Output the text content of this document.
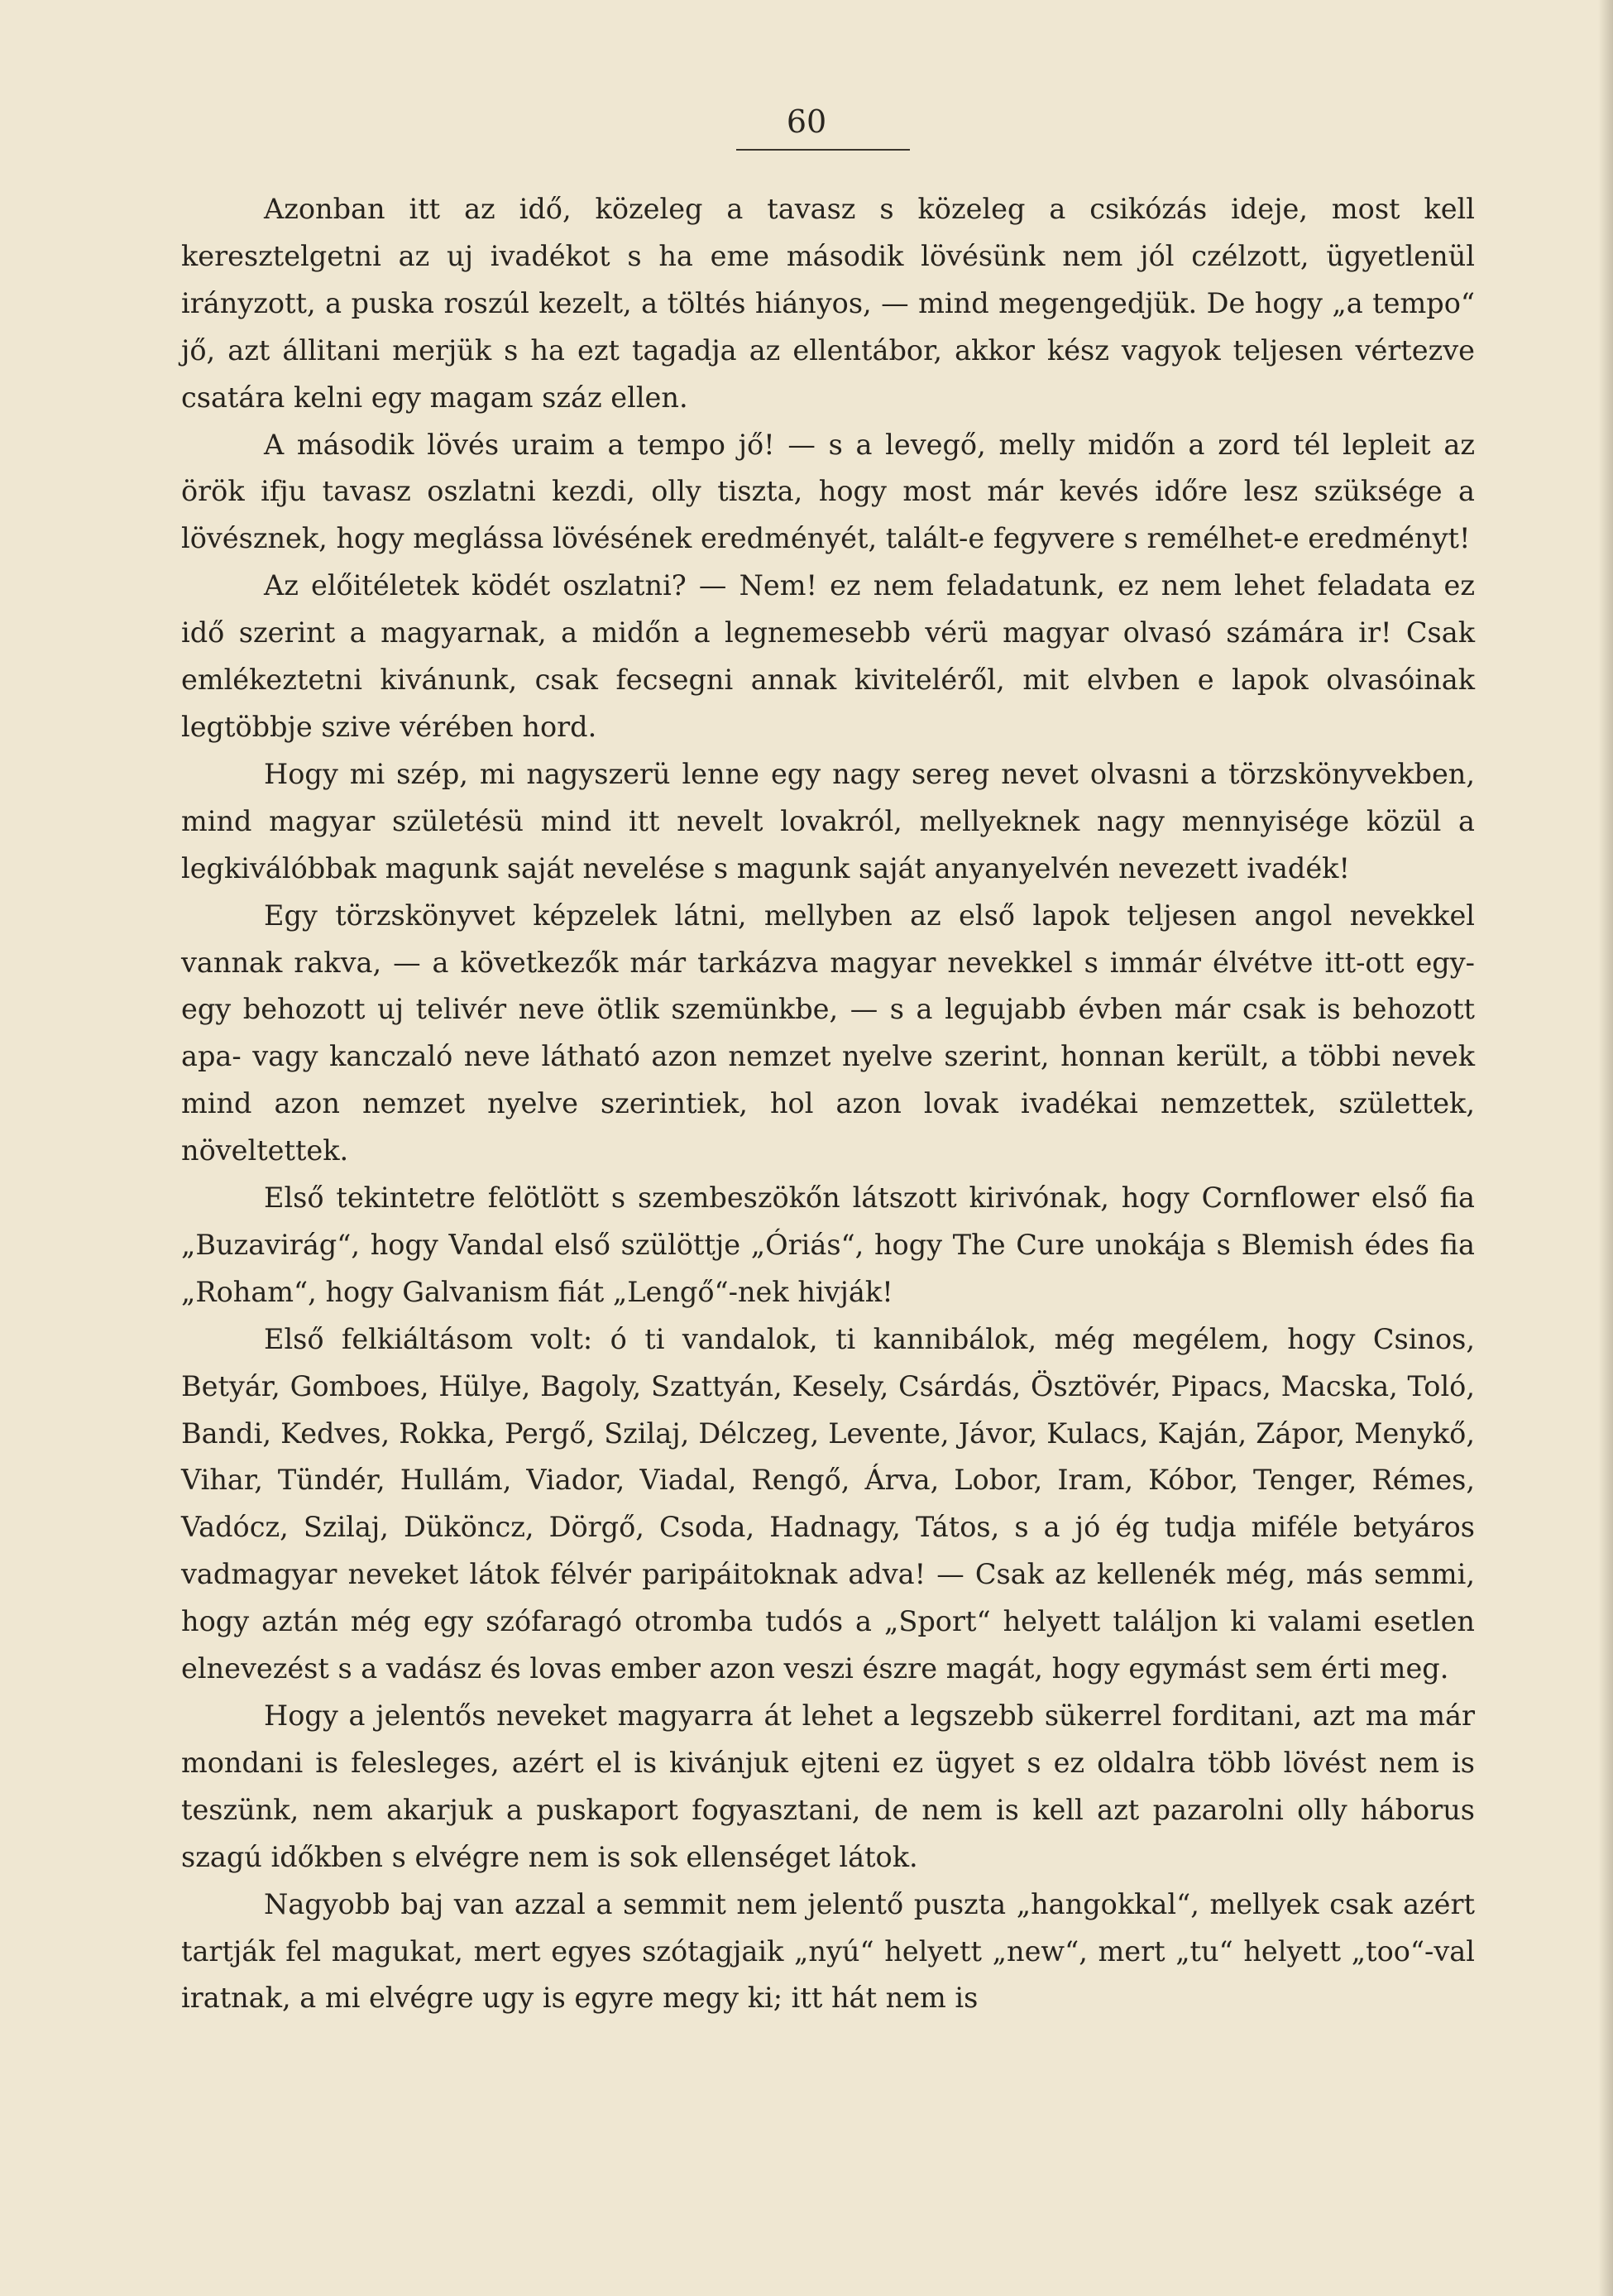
60

Azonban itt az idő, közeleg a tavasz s közeleg a csikózás ideje, most kell keresztelgetni az uj ivadékot s ha eme második lövésünk nem jól czélzott, ügyetlenül irányzott, a puska roszúl kezelt, a töltés hiányos, — mind megengedjük. De hogy „a tempo“ jő, azt állitani merjük s ha ezt tagadja az ellentábor, akkor kész vagyok teljesen vértezve csatára kelni egy magam száz ellen.

A második lövés uraim a tempo jő! — s a levegő, melly midőn a zord tél lepleit az örök ifju tavasz oszlatni kezdi, olly tiszta, hogy most már kevés időre lesz szüksége a lövésznek, hogy meglássa lövésének eredményét, talált-e fegyvere s remélhet-e eredményt!

Az előitéletek ködét oszlatni? — Nem! ez nem feladatunk, ez nem lehet feladata ez idő szerint a magyarnak, a midőn a legnemesebb vérü magyar olvasó számára ir! Csak emlékeztetni kivánunk, csak fecsegni annak kiviteléről, mit elvben e lapok olvasóinak legtöbbje szive vérében hord.

Hogy mi szép, mi nagyszerü lenne egy nagy sereg nevet olvasni a törzskönyvekben, mind magyar születésü mind itt nevelt lovakról, mellyeknek nagy mennyisége közül a legkiválóbbak magunk saját nevelése s magunk saját anyanyelvén nevezett ivadék!

Egy törzskönyvet képzelek látni, mellyben az első lapok teljesen angol nevekkel vannak rakva, — a következők már tarkázva magyar nevekkel s immár élvétve itt-ott egy-egy behozott uj telivér neve ötlik szemünkbe, — s a legujabb évben már csak is behozott apa- vagy kanczaló neve látható azon nemzet nyelve szerint, honnan került, a többi nevek mind azon nemzet nyelve szerintiek, hol azon lovak ivadékai nemzettek, születtek, növeltettek.

Első tekintetre felötlött s szembeszökőn látszott kirivónak, hogy Cornflower első fia „Buzavirág“, hogy Vandal első szülöttje „Óriás“, hogy The Cure unokája s Blemish édes fia „Roham“, hogy Galvanism fiát „Lengő“-nek hivják!

Első felkiáltásom volt: ó ti vandalok, ti kannibálok, még megélem, hogy Csinos, Betyár, Gomboes, Hülye, Bagoly, Szattyán, Kesely, Csárdás, Ösztövér, Pipacs, Macska, Toló, Bandi, Kedves, Rokka, Pergő, Szilaj, Délczeg, Levente, Jávor, Kulacs, Kaján, Zápor, Menykő, Vihar, Tündér, Hullám, Viador, Viadal, Rengő, Árva, Lobor, Iram, Kóbor, Tenger, Rémes, Vadócz, Szilaj, Düköncz, Dörgő, Csoda, Hadnagy, Tátos, s a jó ég tudja miféle betyáros vadmagyar neveket látok félvér paripáitoknak adva! — Csak az kellenék még, más semmi, hogy aztán még egy szófaragó otromba tudós a „Sport“ helyett találjon ki valami esetlen elnevezést s a vadász és lovas ember azon veszi észre magát, hogy egymást sem érti meg.

Hogy a jelentős neveket magyarra át lehet a legszebb sükerrel forditani, azt ma már mondani is felesleges, azért el is kivánjuk ejteni ez ügyet s ez oldalra több lövést nem is teszünk, nem akarjuk a puskaport fogyasztani, de nem is kell azt pazarolni olly háborus szagú időkben s elvégre nem is sok ellenséget látok.

Nagyobb baj van azzal a semmit nem jelentő puszta „hangokkal“, mellyek csak azért tartják fel magukat, mert egyes szótagjaik „nyú“ helyett „new“, mert „tu“ helyett „too“-val iratnak, a mi elvégre ugy is egyre megy ki; itt hát nem is
